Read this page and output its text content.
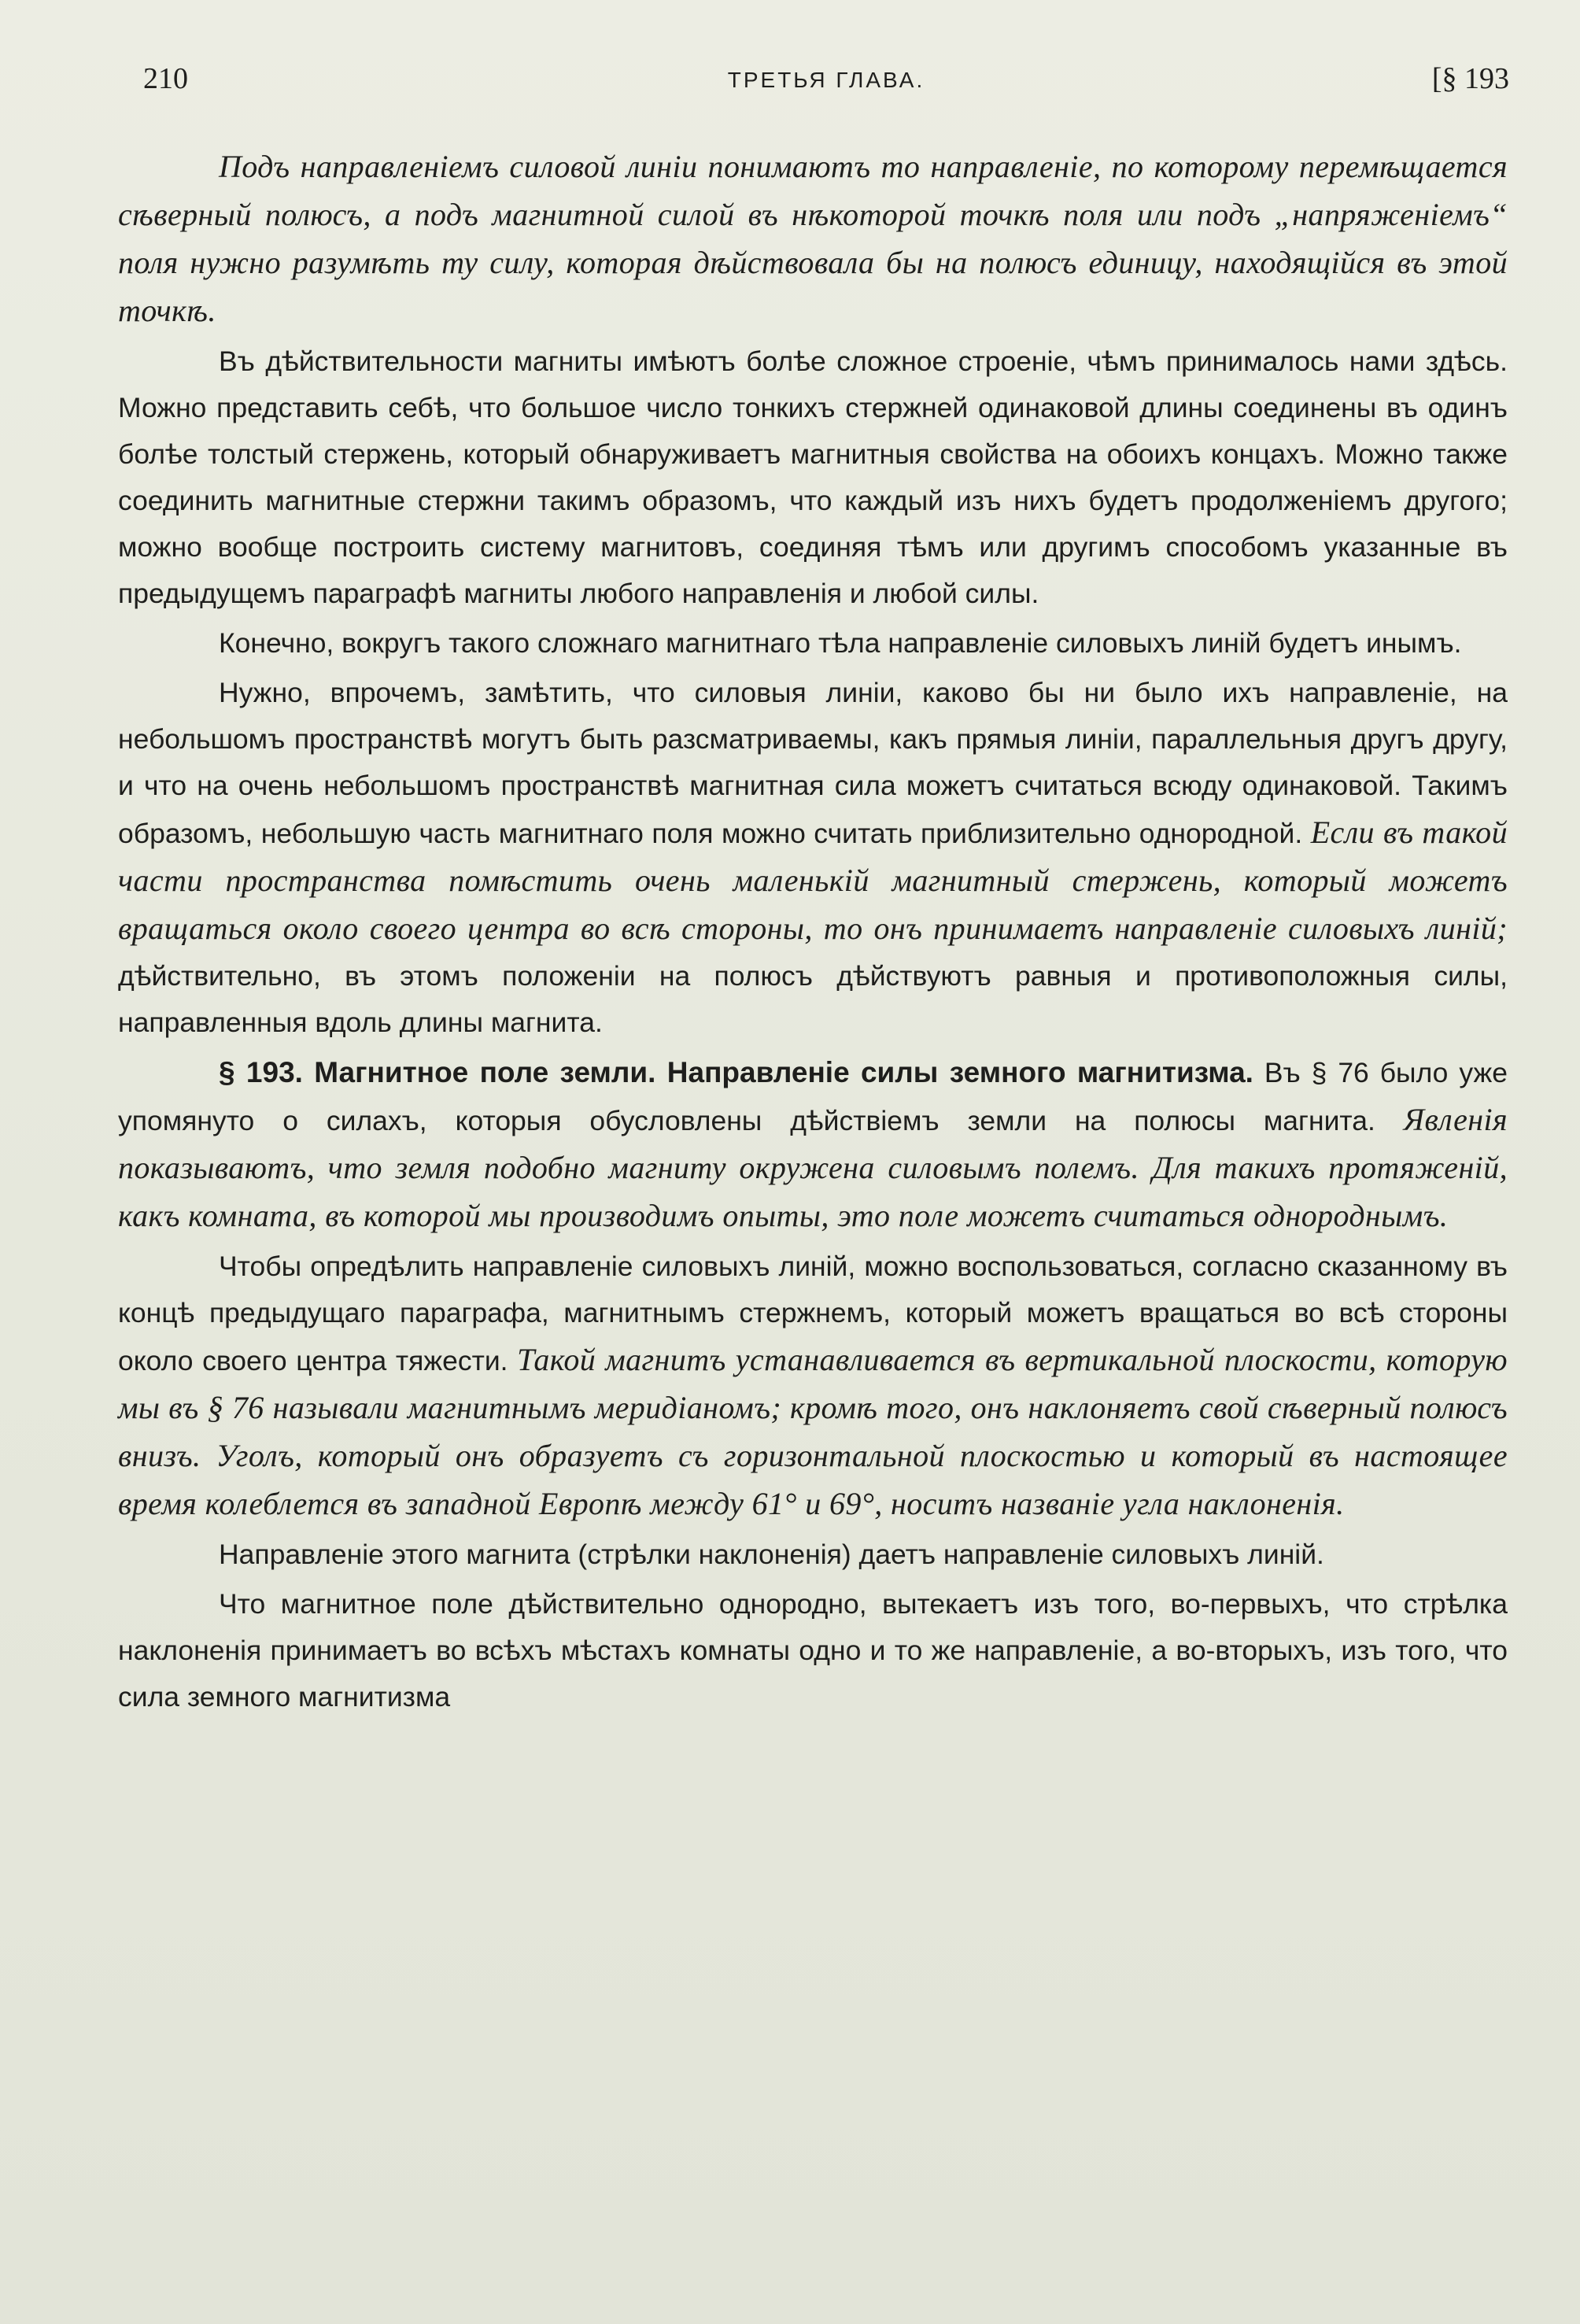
210	ТРЕТЬЯ ГЛАВА.	[§ 193

Подъ направленіемъ силовой линіи понимаютъ то направленіе, по которому перемѣщается сѣверный полюсъ, а подъ магнитной силой въ нѣкоторой точкѣ поля или подъ „напряженіемъ“ поля нужно разумѣть ту силу, которая дѣйствовала бы на полюсъ единицу, находящійся въ этой точкѣ.

Въ дѣйствительности магниты имѣютъ болѣе сложное строеніе, чѣмъ принималось нами здѣсь. Можно представить себѣ, что большое число тонкихъ стержней одинаковой длины соединены въ одинъ болѣе толстый стержень, который обнаруживаетъ магнитныя свойства на обоихъ концахъ. Можно также соединить магнитные стержни такимъ образомъ, что каждый изъ нихъ будетъ продолженіемъ другого; можно вообще построить систему магнитовъ, соединяя тѣмъ или другимъ способомъ указанные въ предыдущемъ параграфѣ магниты любого направленія и любой силы.

Конечно, вокругъ такого сложнаго магнитнаго тѣла направленіе силовыхъ линій будетъ инымъ.

Нужно, впрочемъ, замѣтить, что силовыя линіи, каково бы ни было ихъ направленіе, на небольшомъ пространствѣ могутъ быть разсматриваемы, какъ прямыя линіи, параллельныя другъ другу, и что на очень небольшомъ пространствѣ магнитная сила можетъ считаться всюду одинаковой. Такимъ образомъ, небольшую часть магнитнаго поля можно считать приблизительно однородной. Если въ такой части пространства помѣстить очень маленькій магнитный стержень, который можетъ вращаться около своего центра во всѣ стороны, то онъ принимаетъ направленіе силовыхъ линій; дѣйствительно, въ этомъ положеніи на полюсъ дѣйствуютъ равныя и противоположныя силы, направленныя вдоль длины магнита.

§ 193. Магнитное поле земли. Направленіе силы земного магнитизма. Въ § 76 было уже упомянуто о силахъ, которыя обусловлены дѣйствіемъ земли на полюсы магнита. Явленія показываютъ, что земля подобно магниту окружена силовымъ полемъ. Для такихъ протяженій, какъ комната, въ которой мы производимъ опыты, это поле можетъ считаться однороднымъ.

Чтобы опредѣлить направленіе силовыхъ линій, можно воспользоваться, согласно сказанному въ концѣ предыдущаго параграфа, магнитнымъ стержнемъ, который можетъ вращаться во всѣ стороны около своего центра тяжести. Такой магнитъ устанавливается въ вертикальной плоскости, которую мы въ § 76 называли магнитнымъ меридіаномъ; кромѣ того, онъ наклоняетъ свой сѣверный полюсъ внизъ. Уголъ, который онъ образуетъ съ горизонтальной плоскостью и который въ настоящее время колеблется въ западной Европѣ между 61° и 69°, носитъ названіе угла наклоненія.

Направленіе этого магнита (стрѣлки наклоненія) даетъ направленіе силовыхъ линій.

Что магнитное поле дѣйствительно однородно, вытекаетъ изъ того, во-первыхъ, что стрѣлка наклоненія принимаетъ во всѣхъ мѣстахъ комнаты одно и то же направленіе, а во-вторыхъ, изъ того, что сила земного магнитизма
